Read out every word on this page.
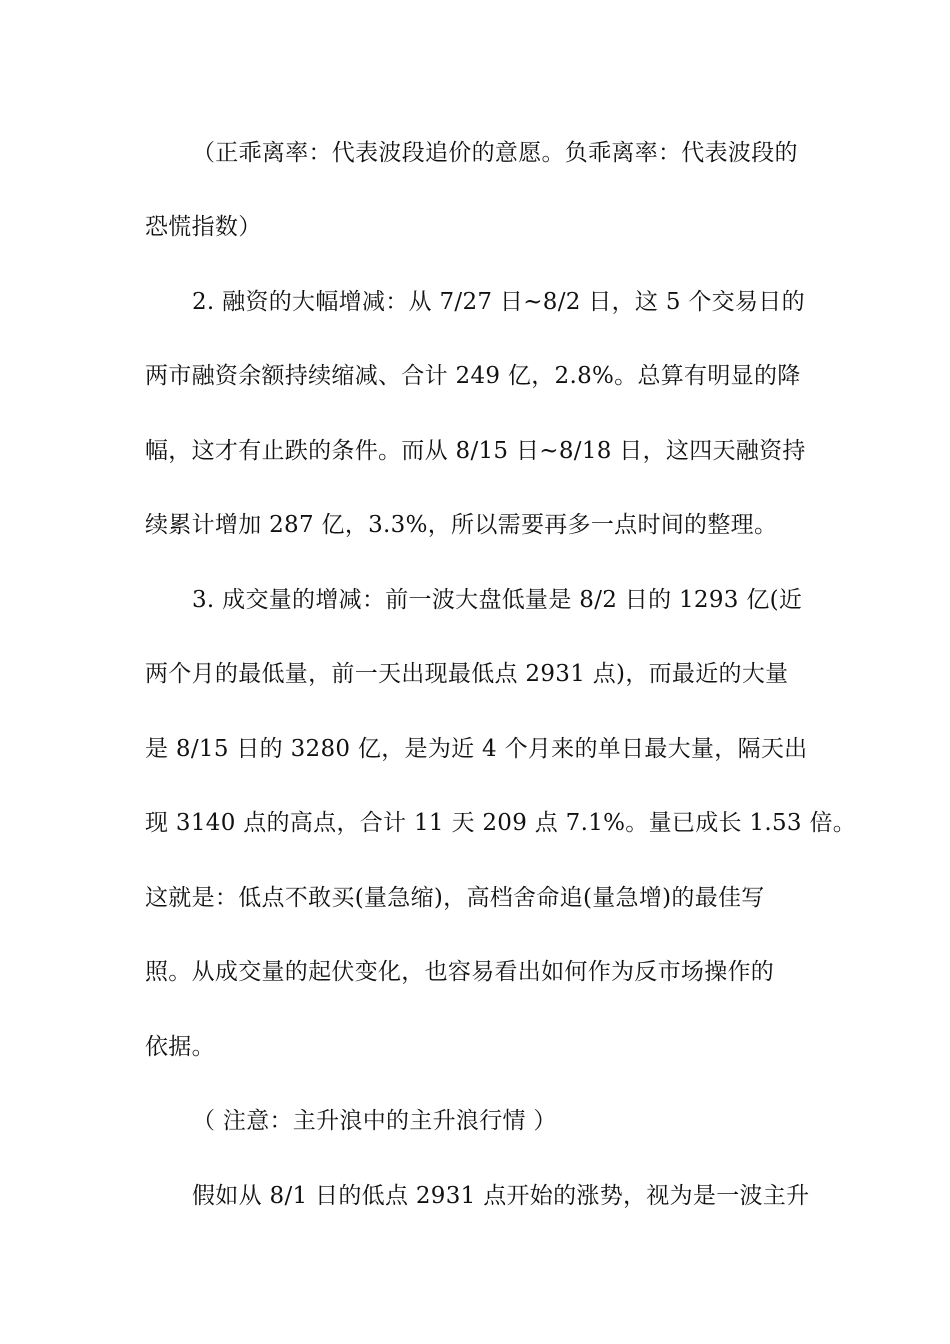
（正乖离率：代表波段追价的意愿。负乖离率：代表波段的
恐慌指数）
2. 融资的大幅增减：从 7/27 日~8/2 日，这 5 个交易日的
两市融资余额持续缩减、合计 249 亿，2.8%。总算有明显的降
幅，这才有止跌的条件。而从 8/15 日~8/18 日，这四天融资持
续累计增加 287 亿，3.3%，所以需要再多一点时间的整理。
3. 成交量的增减：前一波大盘低量是 8/2 日的 1293 亿(近
两个月的最低量，前一天出现最低点 2931 点)，而最近的大量
是 8/15 日的 3280 亿，是为近 4 个月来的单日最大量，隔天出
现 3140 点的高点，合计 11 天 209 点 7.1%。量已成长 1.53 倍。
这就是：低点不敢买(量急缩)，高档舍命追(量急增)的最佳写
照。从成交量的起伏变化，也容易看出如何作为反市场操作的
依据。
（ 注意：主升浪中的主升浪行情 ）
假如从 8/1 日的低点 2931 点开始的涨势，视为是一波主升
